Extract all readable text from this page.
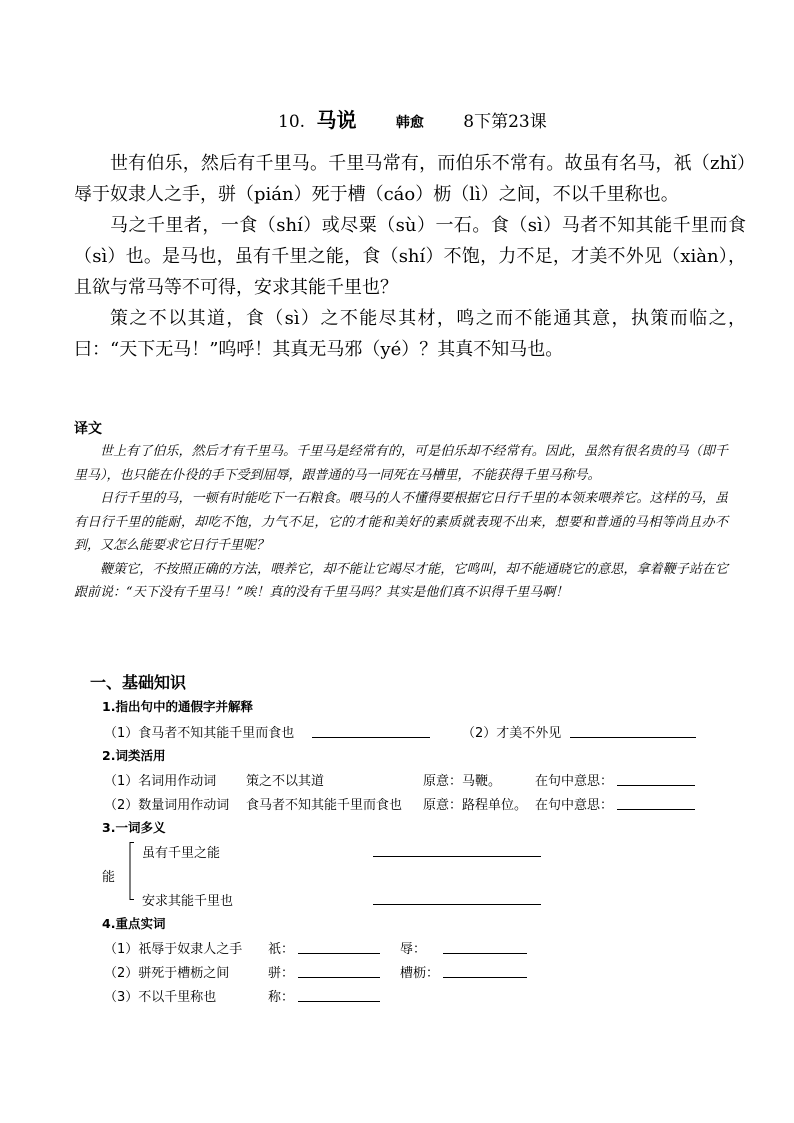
10. 马说	韩愈 8下第23课

世有伯乐，然后有千里马。千里马常有，而伯乐不常有。故虽有名马，祇（zhǐ）辱于奴隶人之手，骈（pián）死于槽（cáo）枥（lì）之间，不以千里称也。

马之千里者，一食（shí）或尽粟（sù）一石。食（sì）马者不知其能千里而食（sì）也。是马也，虽有千里之能，食（shí）不饱，力不足，才美不外见（xiàn），且欲与常马等不可得，安求其能千里也？

策之不以其道，食（sì）之不能尽其材，鸣之而不能通其意，执策而临之，曰：“天下无马！”呜呼！其真无马邪（yé）？其真不知马也。

译文

世上有了伯乐，然后才有千里马。千里马是经常有的，可是伯乐却不经常有。因此，虽然有很名贵的马（即千里马），也只能在仆役的手下受到屈辱，跟普通的马一同死在马槽里，不能获得千里马称号。

日行千里的马，一顿有时能吃下一石粮食。喂马的人不懂得要根据它日行千里的本领来喂养它。这样的马，虽有日行千里的能耐，却吃不饱，力气不足，它的才能和美好的素质就表现不出来，想要和普通的马相等尚且办不到，又怎么能要求它日行千里呢？

鞭策它，不按照正确的方法，喂养它，却不能让它竭尽才能，它鸣叫，却不能通晓它的意思，拿着鞭子站在它跟前说：“天下没有千里马！”唉！真的没有千里马吗？其实是他们真不识得千里马啊！

一、基础知识
1.指出句中的通假字并解释
（1）食马者不知其能千里而食也	（2）才美不外见
2.词类活用
（1）名词用作动词 策之不以其道	原意：马鞭。	在句中意思：
（2）数量词用作动词 食马者不知其能千里而食也 原意：路程单位。 在句中意思：
3.一词多义
能
虽有千里之能
安求其能千里也
4.重点实词
（1）祇辱于奴隶人之手 祇：	辱：
（2）骈死于槽枥之间	骈：	槽枥：
（3）不以千里称也	称：
